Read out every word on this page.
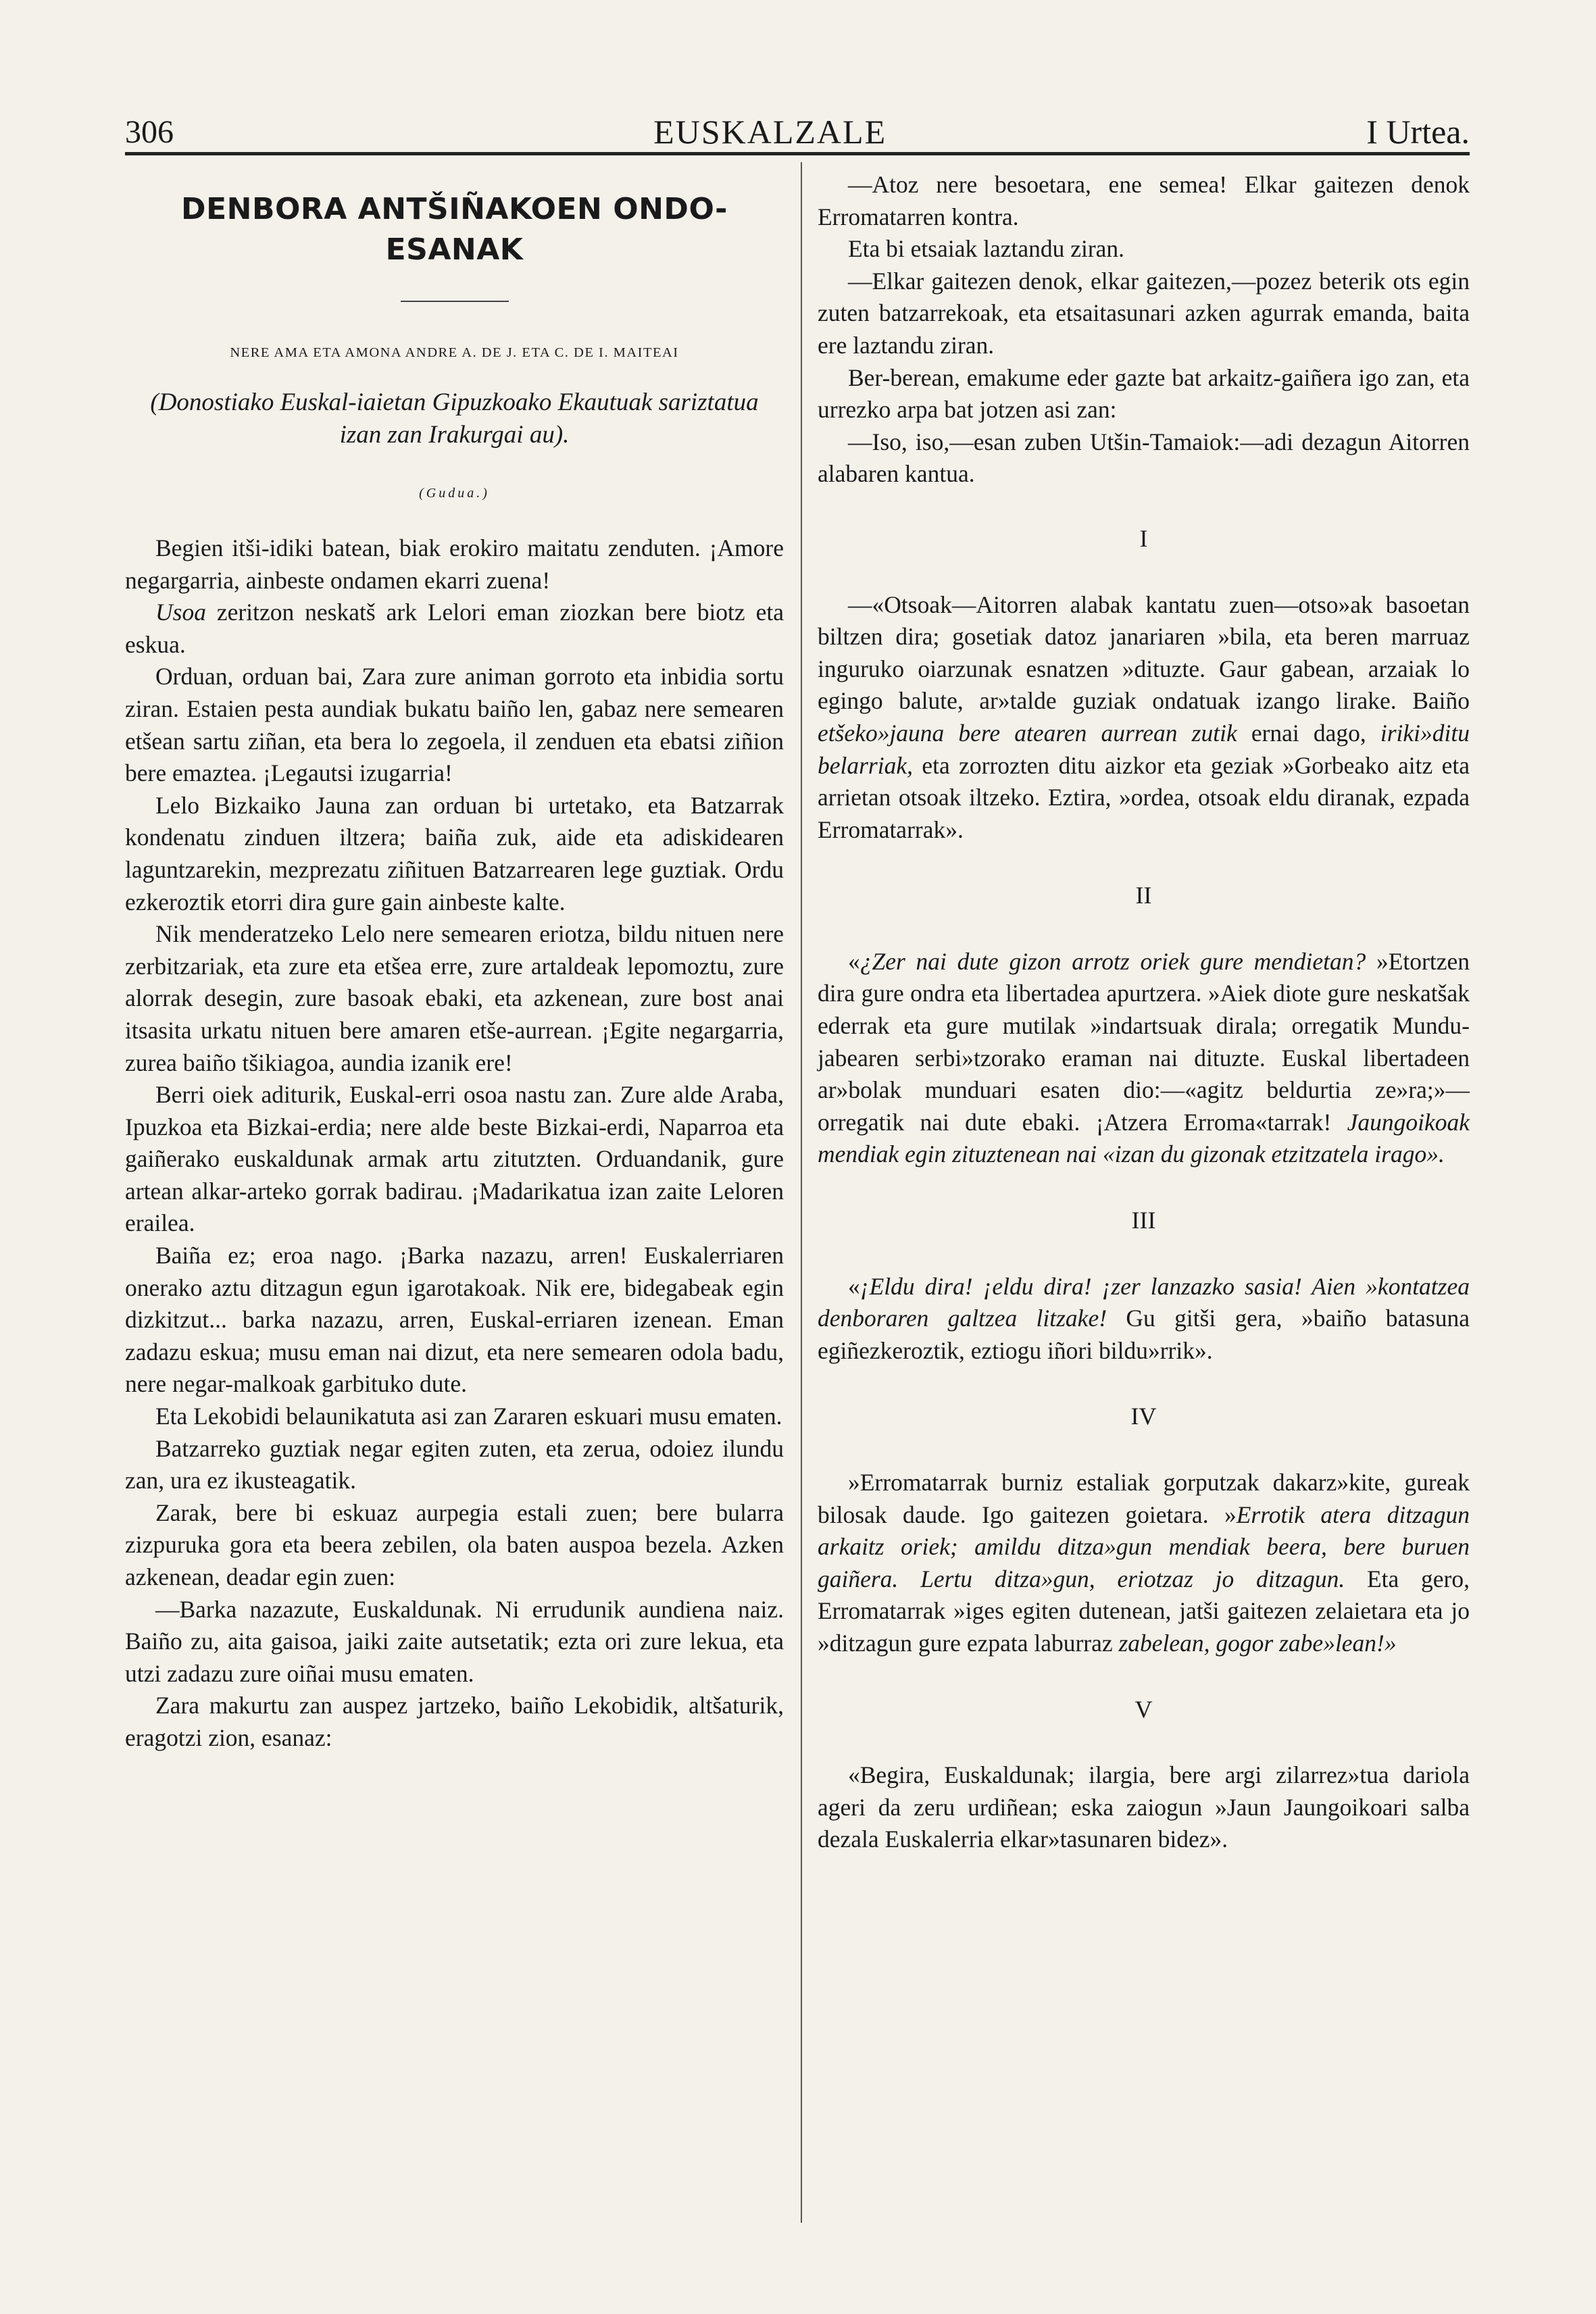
306	EUSKALZALE	I Urtea.
DENBORA ANTŠIÑAKOEN ONDO-ESANAK
NERE AMA ETA AMONA ANDRE A. DE J. ETA C. DE I. MAITEAI
(Donostiako Euskal-iaietan Gipuzkoako Ekautuak sariztatua izan zan Irakurgai au).
(Gudua.)

Begien itši-idiki batean, biak erokiro maitatu zenduten. ¡Amore negargarria, ainbeste ondamen ekarri zuena!

Usoa zeritzon neskatš ark Lelori eman ziozkan bere biotz eta eskua.

Orduan, orduan bai, Zara zure animan gorroto eta inbidia sortu ziran. Estaien pesta aundiak bukatu baiño len, gabaz nere semearen etšean sartu ziñan, eta bera lo zegoela, il zenduen eta ebatsi ziñion bere emaztea. ¡Legautsi izugarria!

Lelo Bizkaiko Jauna zan orduan bi urtetako, eta Batzarrak kondenatu zinduen iltzera; baiña zuk, aide eta adiskidearen laguntzarekin, mezprezatu ziñituen Batzarrearen lege guztiak. Ordu ezkeroztik etorri dira gure gain ainbeste kalte.

Nik menderatzeko Lelo nere semearen eriotza, bildu nituen nere zerbitzariak, eta zure eta etšea erre, zure artaldeak lepomoztu, zure alorrak desegin, zure basoak ebaki, eta azkenean, zure bost anai itsasita urkatu nituen bere amaren etše-aurrean. ¡Egite negargarria, zurea baiño tšikiagoa, aundia izanik ere!

Berri oiek aditurik, Euskal-erri osoa nastu zan. Zure alde Araba, Ipuzkoa eta Bizkai-erdia; nere alde beste Bizkai-erdi, Naparroa eta gaiñerako euskaldunak armak artu zitutzten. Orduandanik, gure artean alkar-arteko gorrak badirau. ¡Madarikatua izan zaite Leloren erailea.

Baiña ez; eroa nago. ¡Barka nazazu, arren! Euskalerriaren onerako aztu ditzagun egun igarotakoak. Nik ere, bidegabeak egin dizkitzut... barka nazazu, arren, Euskal-erriaren izenean. Eman zadazu eskua; musu eman nai dizut, eta nere semearen odola badu, nere negar-malkoak garbituko dute.

Eta Lekobidi belaunikatuta asi zan Zararen eskuari musu ematen.

Batzarreko guztiak negar egiten zuten, eta zerua, odoiez ilundu zan, ura ez ikusteagatik.

Zarak, bere bi eskuaz aurpegia estali zuen; bere bularra zizpuruka gora eta beera zebilen, ola baten auspoa bezela. Azken azkenean, deadar egin zuen:

—Barka nazazute, Euskaldunak. Ni errudunik aundiena naiz. Baiño zu, aita gaisoa, jaiki zaite autsetatik; ezta ori zure lekua, eta utzi zadazu zure oiñai musu ematen.

Zara makurtu zan auspez jartzeko, baiño Lekobidik, altšaturik, eragotzi zion, esanaz:

—Atoz nere besoetara, ene semea! Elkar gaitezen denok Erromatarren kontra.

Eta bi etsaiak laztandu ziran.

—Elkar gaitezen denok, elkar gaitezen,—pozez beterik ots egin zuten batzarrekoak, eta etsaitasunari azken agurrak emanda, baita ere laztandu ziran.

Ber-berean, emakume eder gazte bat arkaitz-gaiñera igo zan, eta urrezko arpa bat jotzen asi zan:

—Iso, iso,—esan zuben Utšin-Tamaiok:—adi dezagun Aitorren alabaren kantua.

I

—«Otsoak—Aitorren alabak kantatu zuen—otso»ak basoetan biltzen dira; gosetiak datoz janariaren »bila, eta beren marruaz inguruko oiarzunak esnatzen »dituzte. Gaur gabean, arzaiak lo egingo balute, ar»talde guziak ondatuak izango lirake. Baiño etšeko»jauna bere atearen aurrean zutik ernai dago, iriki»ditu belarriak, eta zorrozten ditu aizkor eta geziak »Gorbeako aitz eta arrietan otsoak iltzeko. Eztira, »ordea, otsoak eldu diranak, ezpada Erromatarrak».

II

«¿Zer nai dute gizon arrotz oriek gure mendietan? »Etortzen dira gure ondra eta libertadea apurtzera. »Aiek diote gure neskatšak ederrak eta gure mutilak »indartsuak dirala; orregatik Mundu-jabearen serbi»tzorako eraman nai dituzte. Euskal libertadeen ar»bolak munduari esaten dio:—«agitz beldurtia ze»ra;»—orregatik nai dute ebaki. ¡Atzera Erroma«tarrak! Jaungoikoak mendiak egin zituztenean nai «izan du gizonak etzitzatela irago».

III

«¡Eldu dira! ¡eldu dira! ¡zer lanzazko sasia! Aien »kontatzea denboraren galtzea litzake! Gu gitši gera, »baiño batasuna egiñezkeroztik, eztiogu iñori bildu»rrik».

IV

»Erromatarrak burniz estaliak gorputzak dakarz»kite, gureak bilosak daude. Igo gaitezen goietara. »Errotik atera ditzagun arkaitz oriek; amildu ditza»gun mendiak beera, bere buruen gaiñera. Lertu ditza»gun, eriotzaz jo ditzagun. Eta gero, Erromatarrak »iges egiten dutenean, jatši gaitezen zelaietara eta jo »ditzagun gure ezpata laburraz zabelean, gogor zabe»lean!»

V

«Begira, Euskaldunak; ilargia, bere argi zilarrez»tua dariola ageri da zeru urdiñean; eska zaiogun »Jaun Jaungoikoari salba dezala Euskalerria elkar»tasunaren bidez».
